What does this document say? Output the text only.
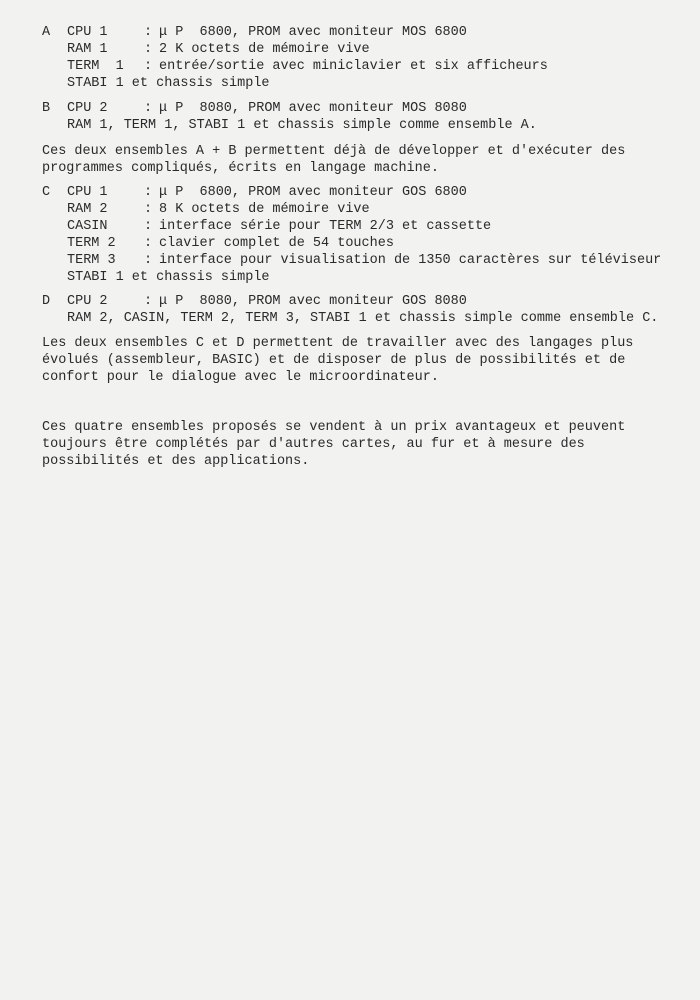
A CPU 1	: μ P  6800, PROM avec moniteur MOS 6800
RAM 1	: 2 K octets de mémoire vive
TERM  1 : entrée/sortie avec miniclavier et six afficheurs
STABI 1 et chassis simple
B CPU 2	: μ P  8080, PROM avec moniteur MOS 8080
RAM 1, TERM 1, STABI 1 et chassis simple comme ensemble A.
Ces deux ensembles A + B permettent déjà de développer et d'exécuter des
programmes compliqués, écrits en langage machine.
C CPU 1	: μ P  6800, PROM avec moniteur GOS 6800
RAM 2	: 8 K octets de mémoire vive
CASIN	: interface série pour TERM 2/3 et cassette
TERM 2 : clavier complet de 54 touches
TERM 3 : interface pour visualisation de 1350 caractères sur téléviseur
STABI 1 et chassis simple
D CPU 2	: μ P  8080, PROM avec moniteur GOS 8080
RAM 2, CASIN, TERM 2, TERM 3, STABI 1 et chassis simple comme ensemble C.
Les deux ensembles C et D permettent de travailler avec des langages plus
évolués (assembleur, BASIC) et de disposer de plus de possibilités et de
confort pour le dialogue avec le microordinateur.
Ces quatre ensembles proposés se vendent à un prix avantageux et peuvent
toujours être complétés par d'autres cartes, au fur et à mesure des
possibilités et des applications.
